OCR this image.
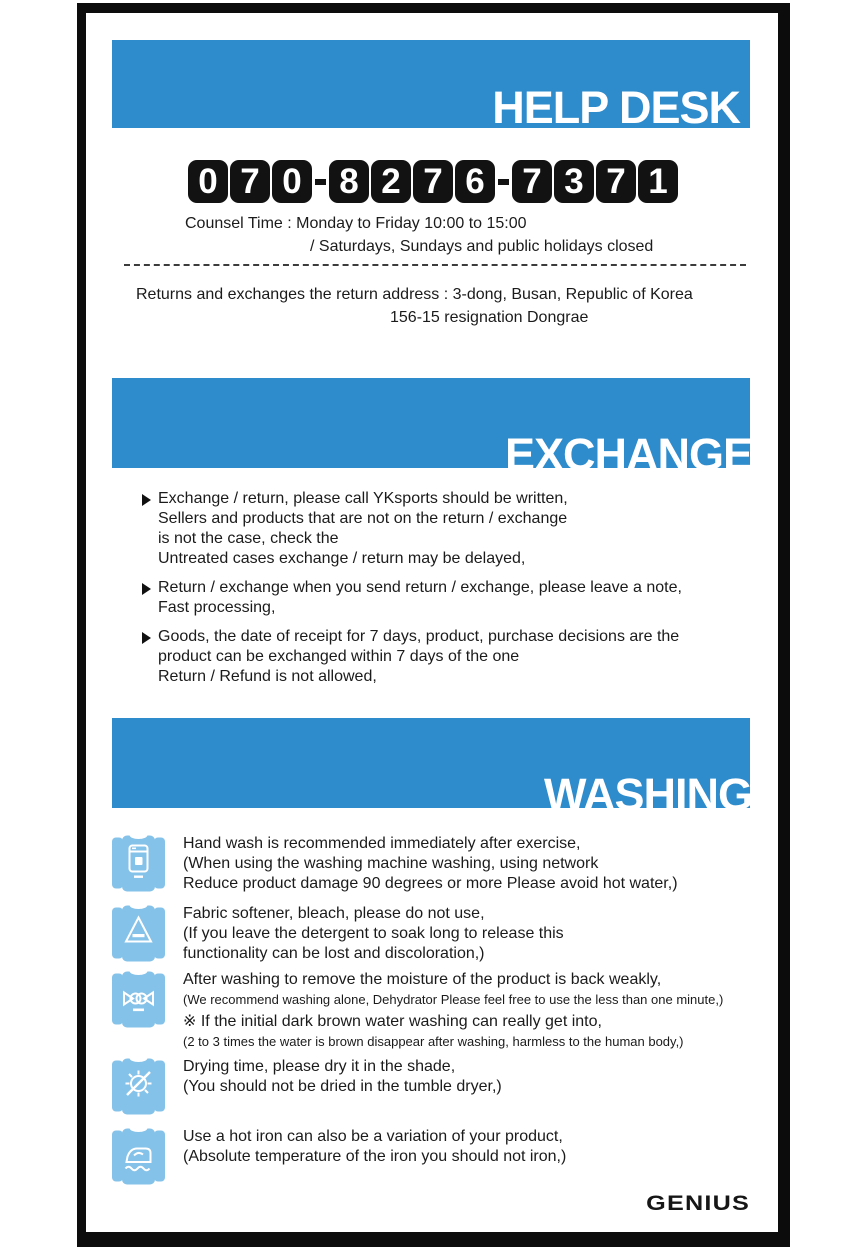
HELP DESK
0 7 0 8 2 7 6 7 3 7 1
Counsel Time : Monday to Friday 10:00 to 15:00
/ Saturdays, Sundays and public holidays closed
Returns and exchanges the return address : 3-dong, Busan, Republic of Korea
156-15 resignation Dongrae
EXCHANGE
Exchange / return, please call YKsports should be written,
Sellers and products that are not on the return / exchange
is not the case, check the
Untreated cases exchange / return may be delayed,
Return / exchange when you send return / exchange, please leave a note,
Fast processing,
Goods, the date of receipt for 7 days, product, purchase decisions are the
product can be exchanged within 7 days of the one
Return / Refund is not allowed,
WASHING
Hand wash is recommended immediately after exercise,
(When using the washing machine washing, using network
Reduce product damage 90 degrees or more Please avoid hot water,)
Fabric softener, bleach, please do not use,
(If you leave the detergent to soak long to release this
functionality can be lost and discoloration,)
After washing to remove the moisture of the product is back weakly,
(We recommend washing alone, Dehydrator Please feel free to use the less than one minute,)
※ If the initial dark brown water washing can really get into,
(2 to 3 times the water is brown disappear after washing, harmless to the human body,)
Drying time, please dry it in the shade,
(You should not be dried in the tumble dryer,)
Use a hot iron can also be a variation of your product,
(Absolute temperature of the iron you should not iron,)
GENIUS
